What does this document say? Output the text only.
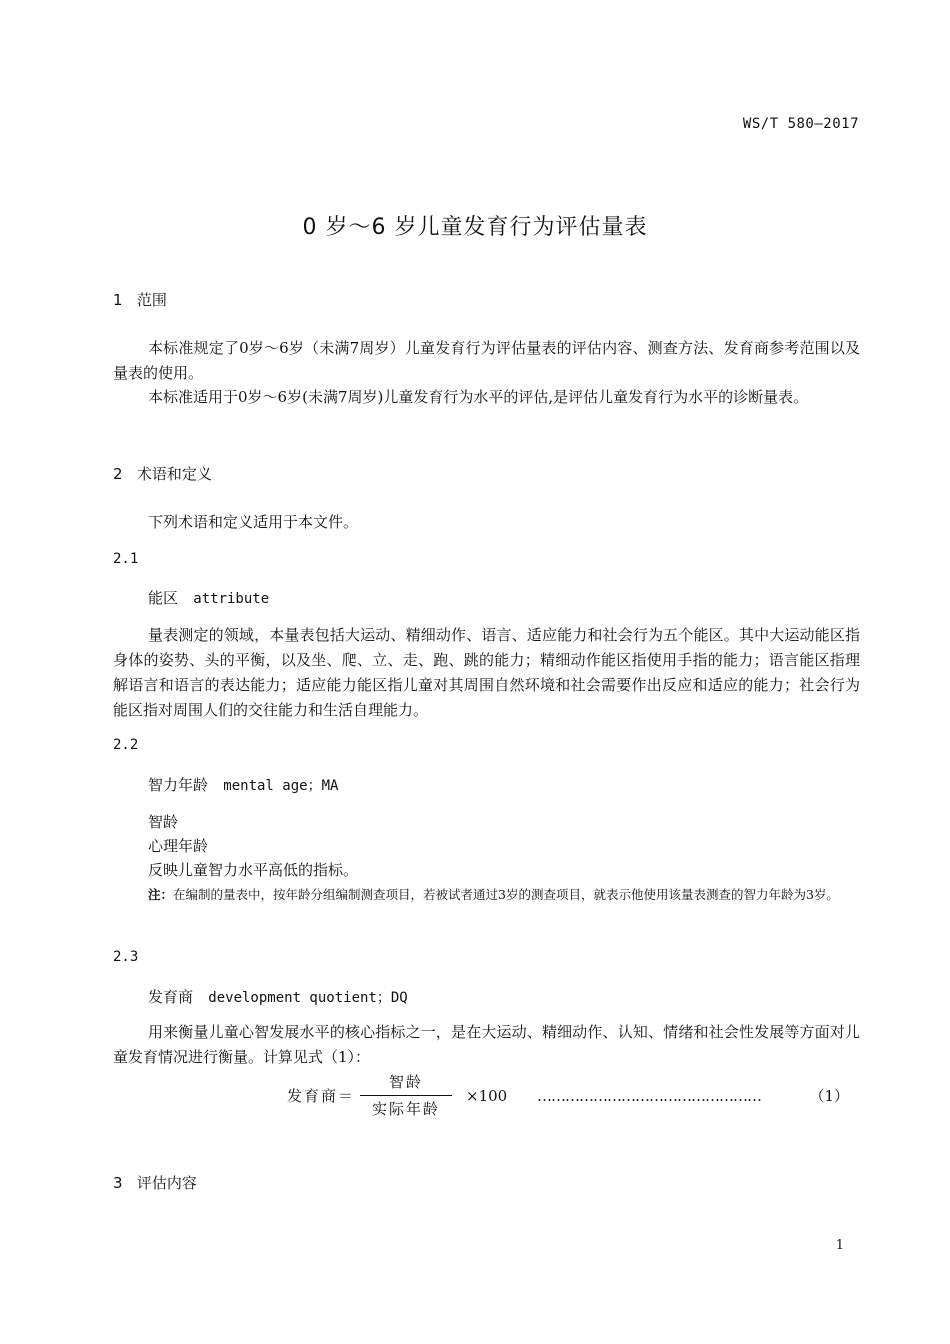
WS/T 580—2017
0 岁～6 岁儿童发育行为评估量表
1 范围

本标准规定了0岁～6岁（未满7周岁）儿童发育行为评估量表的评估内容、测查方法、发育商参考范围以及量表的使用。

本标准适用于0岁～6岁(未满7周岁)儿童发育行为水平的评估,是评估儿童发育行为水平的诊断量表。

2 术语和定义

下列术语和定义适用于本文件。

2.1
能区 attribute

量表测定的领域，本量表包括大运动、精细动作、语言、适应能力和社会行为五个能区。其中大运动能区指身体的姿势、头的平衡，以及坐、爬、立、走、跑、跳的能力；精细动作能区指使用手指的能力；语言能区指理解语言和语言的表达能力；适应能力能区指儿童对其周围自然环境和社会需要作出反应和适应的能力；社会行为能区指对周围人们的交往能力和生活自理能力。

2.2
智力年龄 mental age；MA
智龄
心理年龄
反映儿童智力水平高低的指标。

注：在编制的量表中，按年龄分组编制测查项目，若被试者通过3岁的测查项目，就表示他使用该量表测查的智力年龄为3岁。

2.3
发育商 development quotient；DQ

用来衡量儿童心智发展水平的核心指标之一，是在大运动、精细动作、认知、情绪和社会性发展等方面对儿童发育情况进行衡量。计算见式（1）：

发育商＝
智龄
实际年龄
×100 …………………………………………	（1）
3 评估内容
1
